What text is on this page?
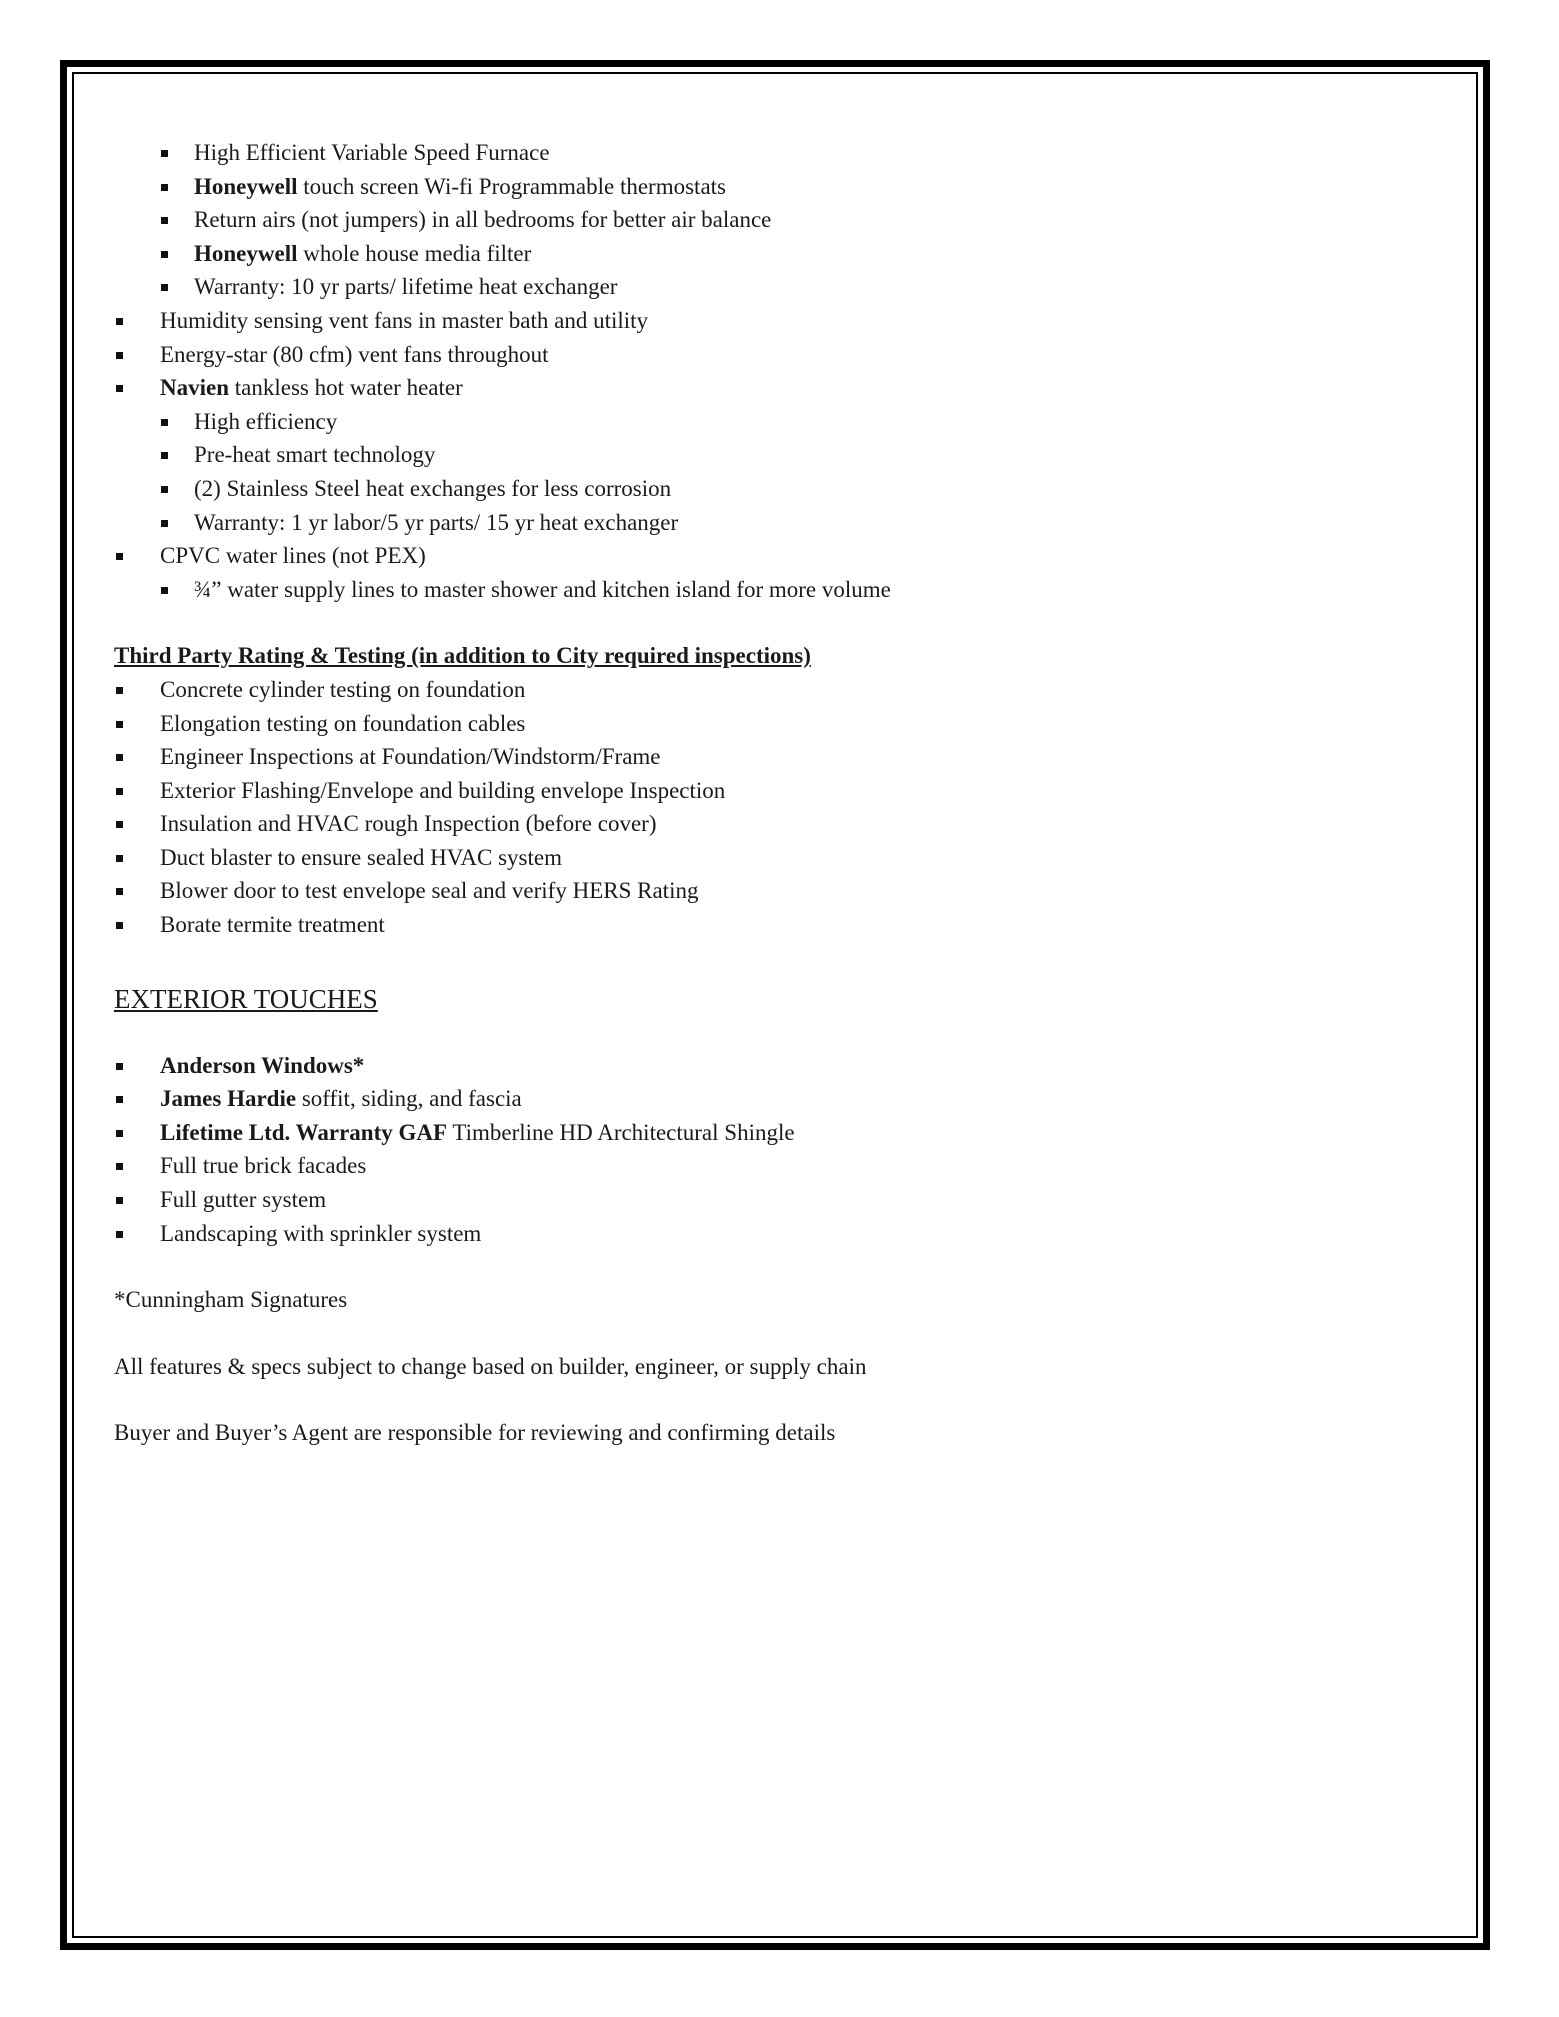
High Efficient Variable Speed Furnace
Honeywell touch screen Wi-fi Programmable thermostats
Return airs (not jumpers) in all bedrooms for better air balance
Honeywell whole house media filter
Warranty: 10 yr parts/ lifetime heat exchanger
Humidity sensing vent fans in master bath and utility
Energy-star (80 cfm) vent fans throughout
Navien tankless hot water heater
High efficiency
Pre-heat smart technology
(2) Stainless Steel heat exchanges for less corrosion
Warranty: 1 yr labor/5 yr parts/ 15 yr heat exchanger
CPVC water lines (not PEX)
¾” water supply lines to master shower and kitchen island for more volume
Third Party Rating & Testing (in addition to City required inspections)
Concrete cylinder testing on foundation
Elongation testing on foundation cables
Engineer Inspections at Foundation/Windstorm/Frame
Exterior Flashing/Envelope and building envelope Inspection
Insulation and HVAC rough Inspection (before cover)
Duct blaster to ensure sealed HVAC system
Blower door to test envelope seal and verify HERS Rating
Borate termite treatment
EXTERIOR TOUCHES
Anderson Windows*
James Hardie soffit, siding, and fascia
Lifetime Ltd. Warranty GAF Timberline HD Architectural Shingle
Full true brick facades
Full gutter system
Landscaping with sprinkler system
*Cunningham Signatures
All features & specs subject to change based on builder, engineer, or supply chain
Buyer and Buyer’s Agent are responsible for reviewing and confirming details
